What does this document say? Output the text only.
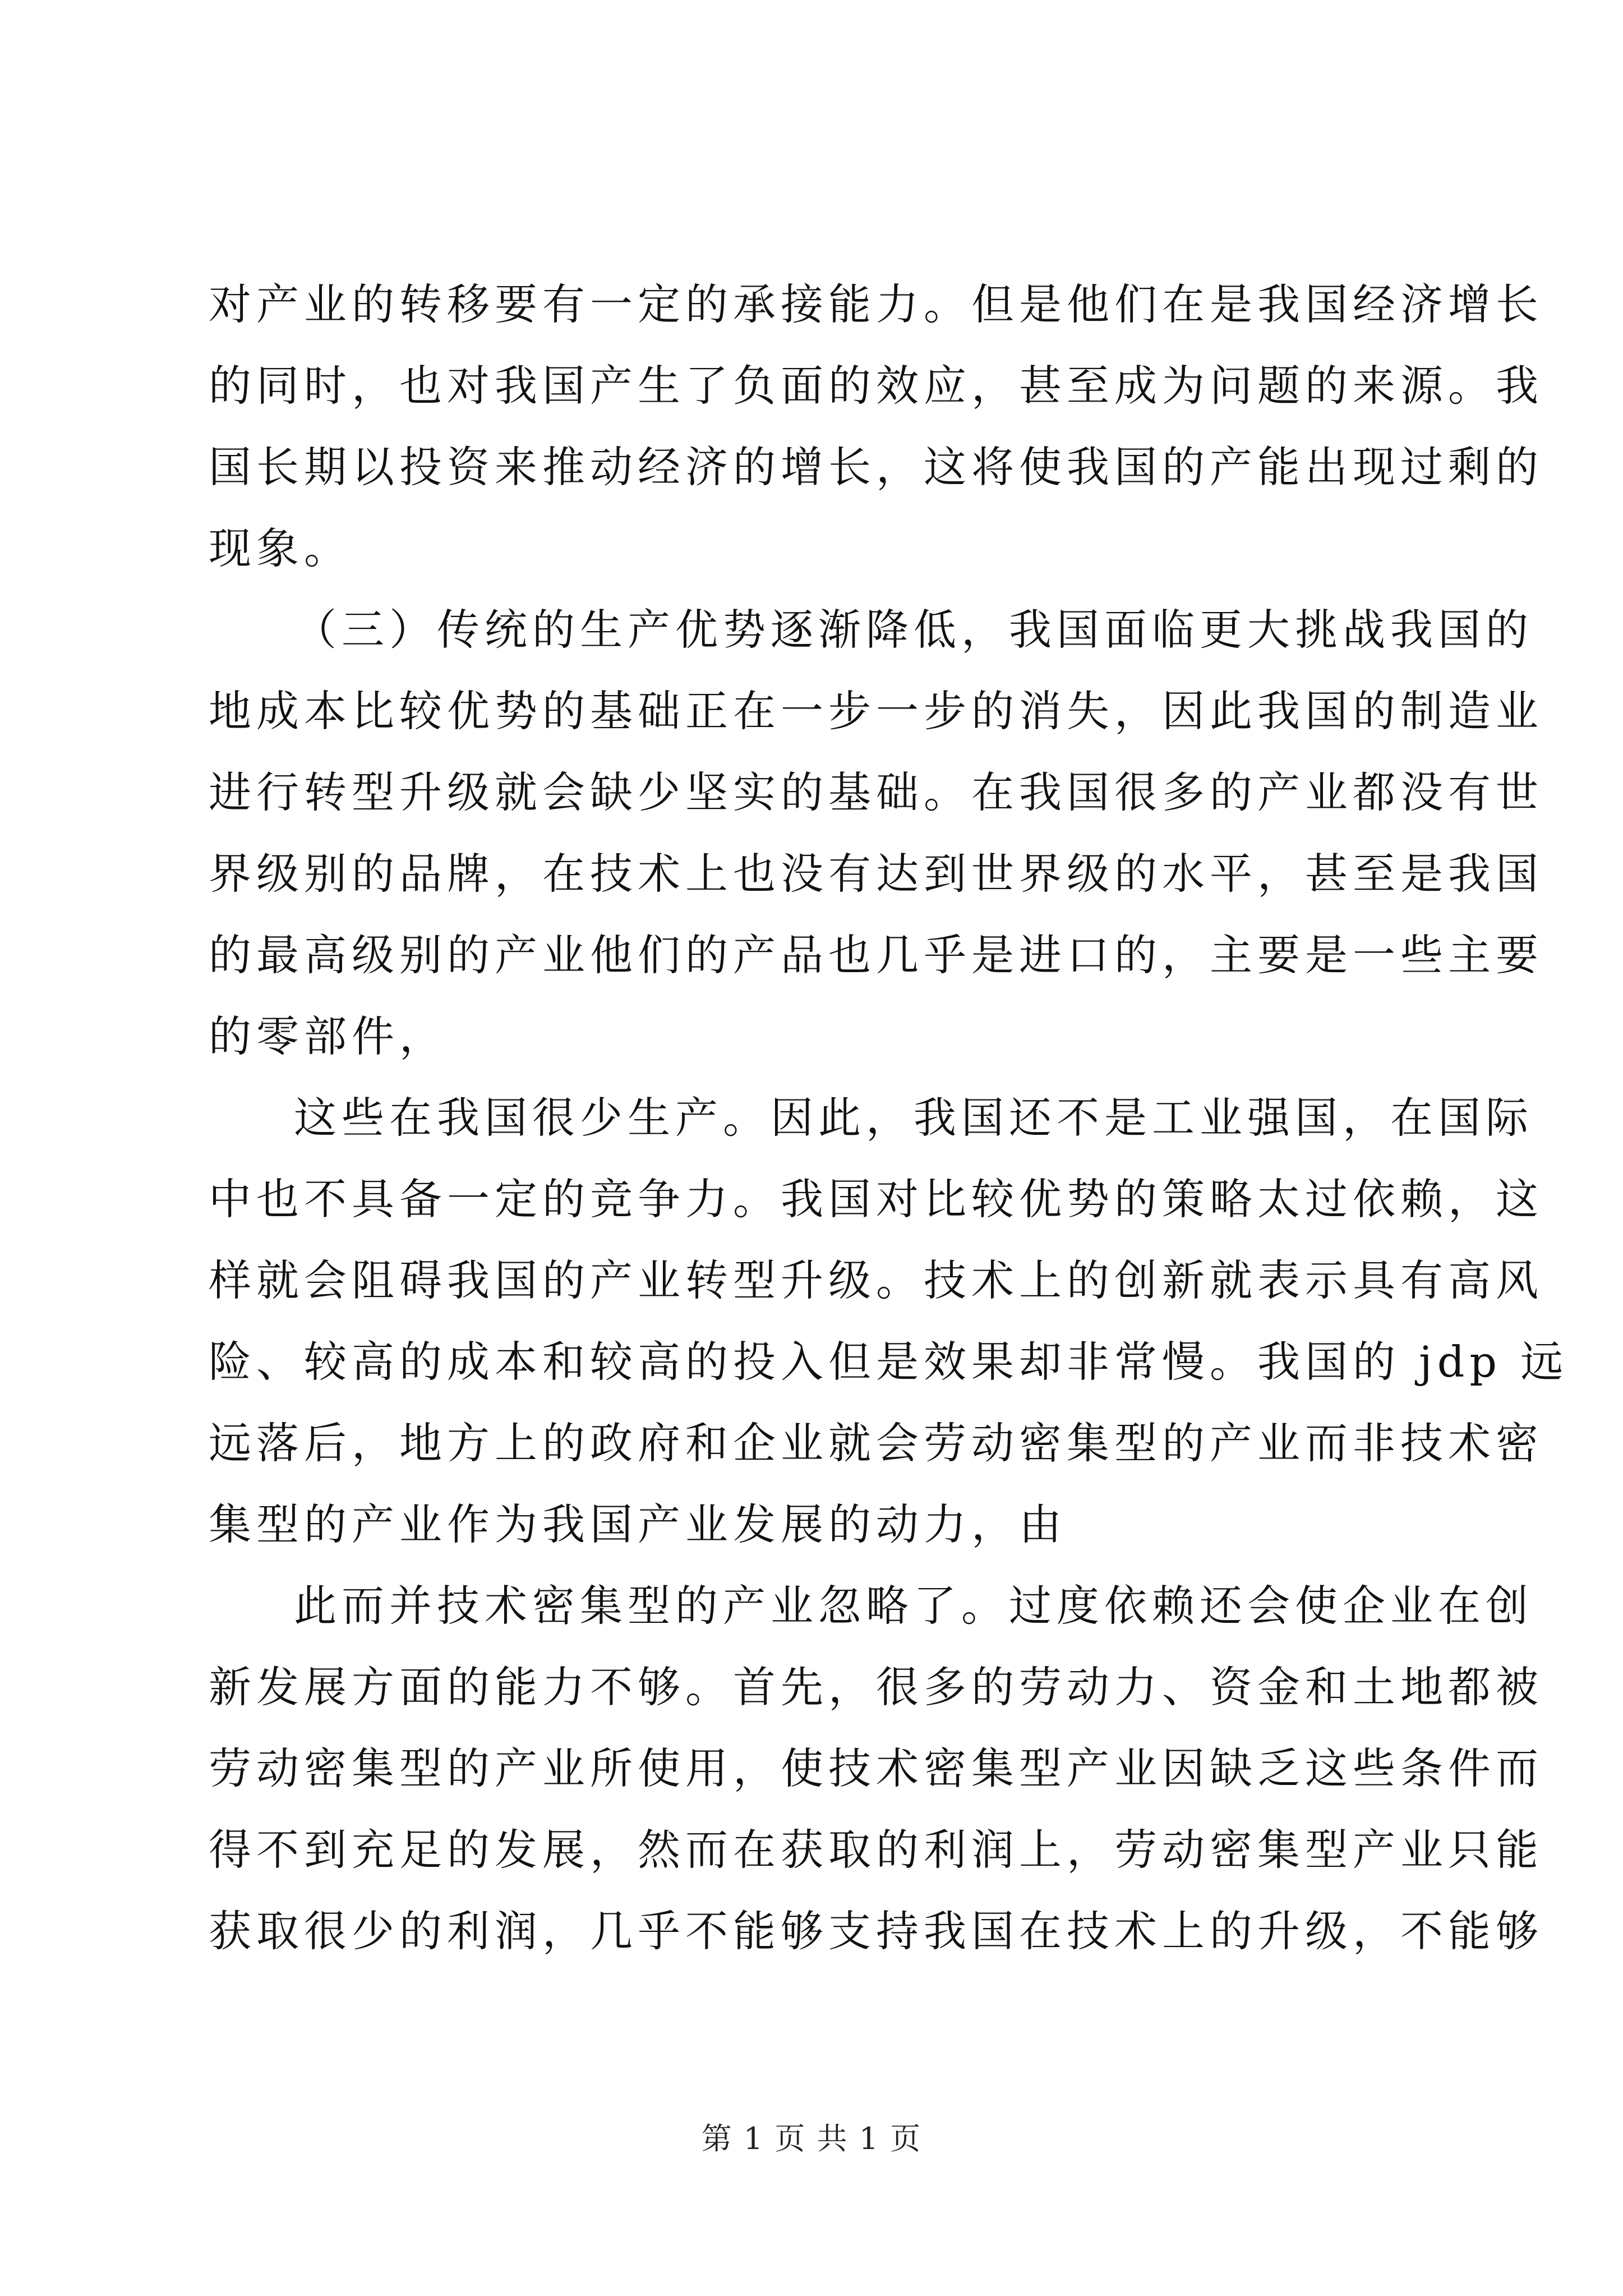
对产业的转移要有一定的承接能力。但是他们在是我国经济增长
的同时，也对我国产生了负面的效应，甚至成为问题的来源。我
国长期以投资来推动经济的增长，这将使我国的产能出现过剩的
现象。
（三）传统的生产优势逐渐降低，我国面临更大挑战我国的
地成本比较优势的基础正在一步一步的消失，因此我国的制造业
进行转型升级就会缺少坚实的基础。在我国很多的产业都没有世
界级别的品牌，在技术上也没有达到世界级的水平，甚至是我国
的最高级别的产业他们的产品也几乎是进口的，主要是一些主要
的零部件，
这些在我国很少生产。因此，我国还不是工业强国，在国际
中也不具备一定的竞争力。我国对比较优势的策略太过依赖，这
样就会阻碍我国的产业转型升级。技术上的创新就表示具有高风
险、较高的成本和较高的投入但是效果却非常慢。我国的 jdp 远
远落后，地方上的政府和企业就会劳动密集型的产业而非技术密
集型的产业作为我国产业发展的动力，由
此而并技术密集型的产业忽略了。过度依赖还会使企业在创
新发展方面的能力不够。首先，很多的劳动力、资金和土地都被
劳动密集型的产业所使用，使技术密集型产业因缺乏这些条件而
得不到充足的发展，然而在获取的利润上，劳动密集型产业只能
获取很少的利润，几乎不能够支持我国在技术上的升级，不能够
第 1 页 共 1 页
